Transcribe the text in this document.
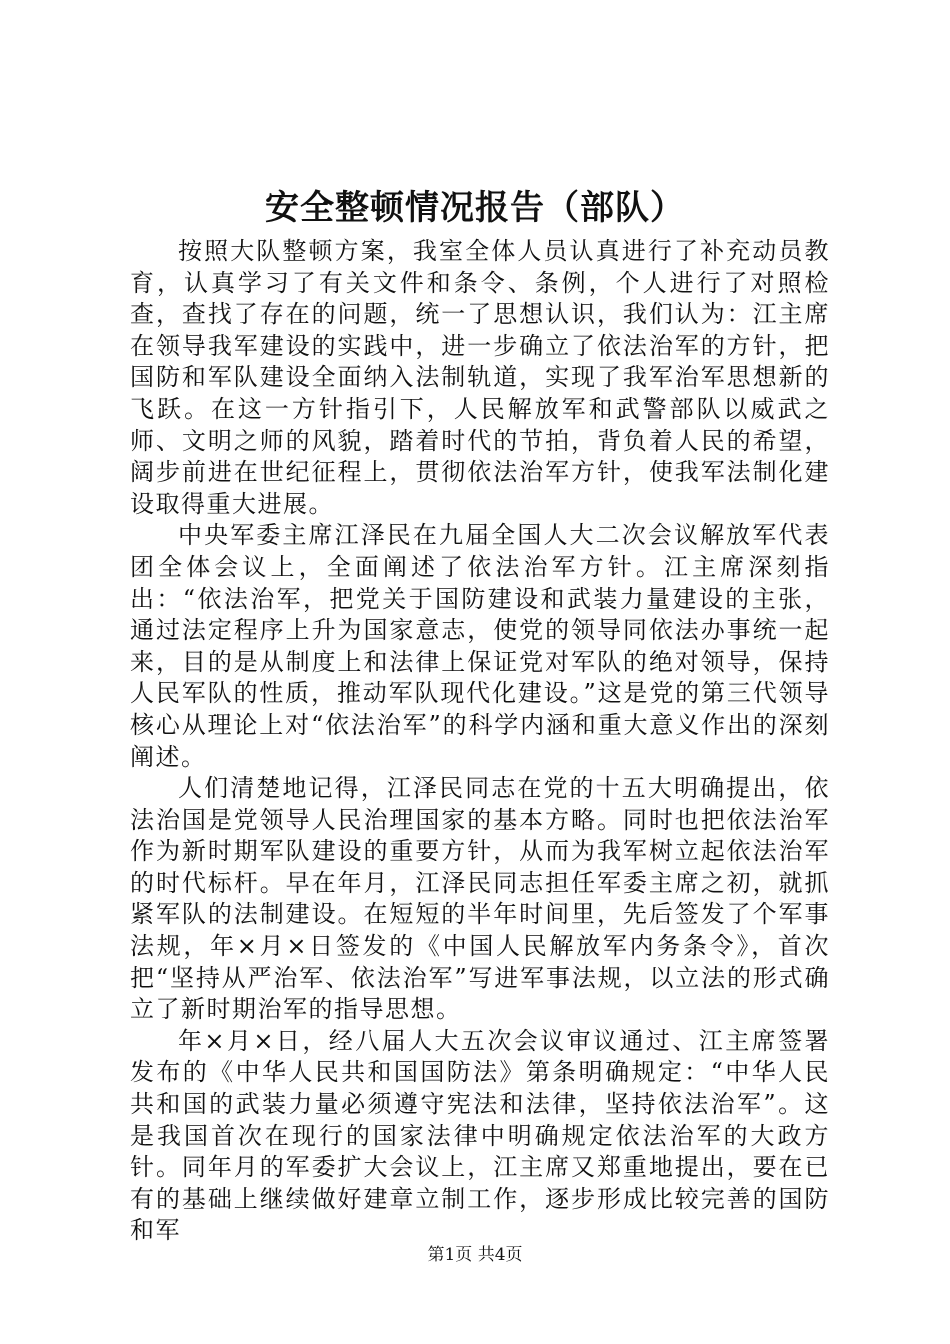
安全整顿情况报告（部队）

按照大队整顿方案，我室全体人员认真进行了补充动员教育，认真学习了有关文件和条令、条例，个人进行了对照检查，查找了存在的问题，统一了思想认识，我们认为：江主席在领导我军建设的实践中，进一步确立了依法治军的方针，把国防和军队建设全面纳入法制轨道，实现了我军治军思想新的飞跃。在这一方针指引下，人民解放军和武警部队以威武之师、文明之师的风貌，踏着时代的节拍，背负着人民的希望，阔步前进在世纪征程上，贯彻依法治军方针，使我军法制化建设取得重大进展。

中央军委主席江泽民在九届全国人大二次会议解放军代表团全体会议上，全面阐述了依法治军方针。江主席深刻指出：“依法治军，把党关于国防建设和武装力量建设的主张，通过法定程序上升为国家意志，使党的领导同依法办事统一起来，目的是从制度上和法律上保证党对军队的绝对领导，保持人民军队的性质，推动军队现代化建设。”这是党的第三代领导核心从理论上对“依法治军”的科学内涵和重大意义作出的深刻阐述。

人们清楚地记得，江泽民同志在党的十五大明确提出，依法治国是党领导人民治理国家的基本方略。同时也把依法治军作为新时期军队建设的重要方针，从而为我军树立起依法治军的时代标杆。早在年月，江泽民同志担任军委主席之初，就抓紧军队的法制建设。在短短的半年时间里，先后签发了个军事法规，年×月×日签发的《中国人民解放军内务条令》，首次把“坚持从严治军、依法治军”写进军事法规，以立法的形式确立了新时期治军的指导思想。

年×月×日，经八届人大五次会议审议通过、江主席签署发布的《中华人民共和国国防法》第条明确规定：“中华人民共和国的武装力量必须遵守宪法和法律，坚持依法治军”。这是我国首次在现行的国家法律中明确规定依法治军的大政方针。同年月的军委扩大会议上，江主席又郑重地提出，要在已有的基础上继续做好建章立制工作，逐步形成比较完善的国防和军

第1页 共4页
